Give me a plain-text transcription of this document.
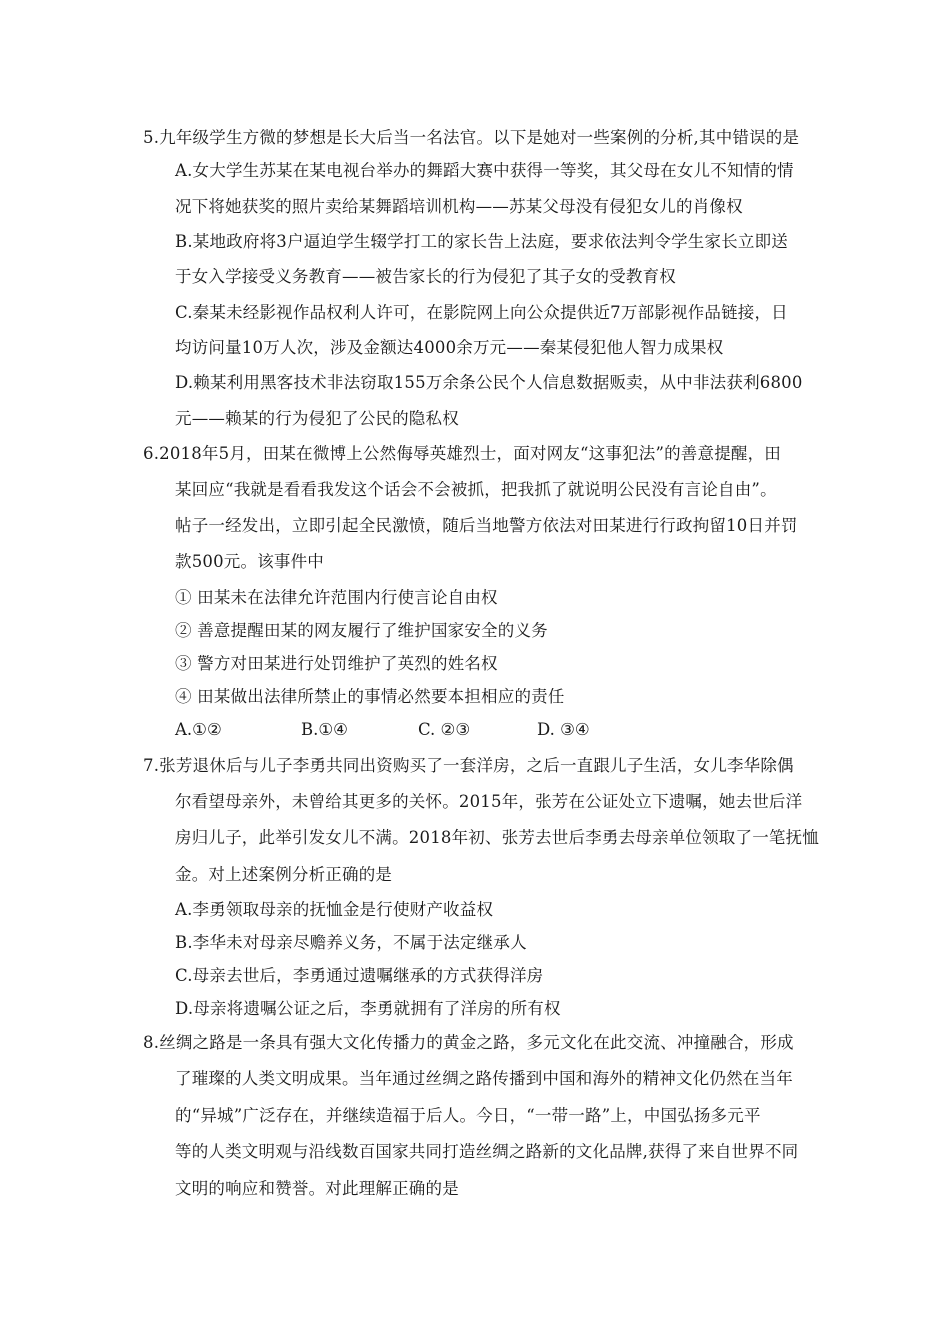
5.九年级学生方微的梦想是长大后当一名法官。以下是她对一些案例的分析,其中错误的是
A.女大学生苏某在某电视台举办的舞蹈大赛中获得一等奖，其父母在女儿不知情的情
况下将她获奖的照片卖给某舞蹈培训机构——苏某父母没有侵犯女儿的肖像权
B.某地政府将3户逼迫学生辍学打工的家长告上法庭，要求依法判令学生家长立即送
于女入学接受义务教育——被告家长的行为侵犯了其子女的受教育权
C.秦某未经影视作品权利人许可，在影院网上向公众提供近7万部影视作品链接，日
均访问量10万人次，涉及金额达4000余万元——秦某侵犯他人智力成果权
D.赖某利用黑客技术非法窃取155万余条公民个人信息数据贩卖，从中非法获利6800
元——赖某的行为侵犯了公民的隐私权
6.2018年5月，田某在微博上公然侮辱英雄烈士，面对网友“这事犯法”的善意提醒，田
某回应“我就是看看我发这个话会不会被抓，把我抓了就说明公民没有言论自由”。
帖子一经发出，立即引起全民激愤，随后当地警方依法对田某进行行政拘留10日并罚
款500元。该事件中
① 田某未在法律允许范围内行使言论自由权
② 善意提醒田某的网友履行了维护国家安全的义务
③ 警方对田某进行处罚维护了英烈的姓名权
④ 田某做出法律所禁止的事情必然要本担相应的责任
A.①②	B.①④	C. ②③	D. ③④
7.张芳退休后与儿子李勇共同出资购买了一套洋房，之后一直跟儿子生活，女儿李华除偶
尔看望母亲外，未曾给其更多的关怀。2015年，张芳在公证处立下遗嘱，她去世后洋
房归儿子，此举引发女儿不满。2018年初、张芳去世后李勇去母亲单位领取了一笔抚恤
金。对上述案例分析正确的是
A.李勇领取母亲的抚恤金是行使财产收益权
B.李华未对母亲尽赡养义务，不属于法定继承人
C.母亲去世后，李勇通过遗嘱继承的方式获得洋房
D.母亲将遗嘱公证之后，李勇就拥有了洋房的所有权
8.丝绸之路是一条具有强大文化传播力的黄金之路，多元文化在此交流、冲撞融合，形成
了璀璨的人类文明成果。当年通过丝绸之路传播到中国和海外的精神文化仍然在当年
的“异城”广泛存在，并继续造福于后人。今日，“一带一路”上，中国弘扬多元平
等的人类文明观与沿线数百国家共同打造丝绸之路新的文化品牌,获得了来自世界不同
文明的响应和赞誉。对此理解正确的是
